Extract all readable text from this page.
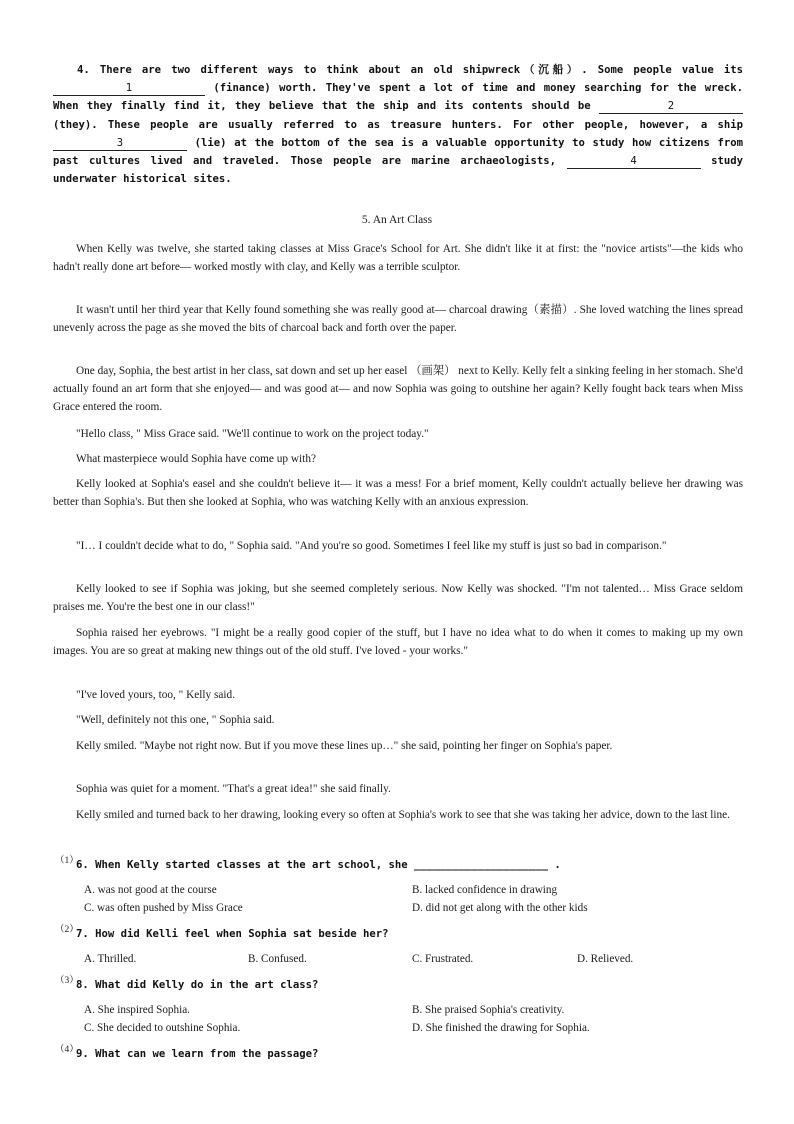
4. There are two different ways to think about an old shipwreck（沉船）. Some people value its 1	(finance) worth. They've spent a lot of time and money searching for the wreck. When they finally find it, they believe that the ship and its contents should be	2 (they). These people are usually referred to as treasure hunters. For other people, however, a ship 3	(lie) at the bottom of the sea is a valuable opportunity to study how citizens from past cultures lived and traveled. Those people are marine archaeologists,	4	study underwater historical sites.
5. An Art Class

When Kelly was twelve, she started taking classes at Miss Grace's School for Art. She didn't like it at first: the "novice artists"—the kids who hadn't really done art before— worked mostly with clay, and Kelly was a terrible sculptor.

It wasn't until her third year that Kelly found something she was really good at— charcoal drawing（素描）. She loved watching the lines spread unevenly across the page as she moved the bits of charcoal back and forth over the paper.

One day, Sophia, the best artist in her class, sat down and set up her easel （画架） next to Kelly. Kelly felt a sinking feeling in her stomach. She'd actually found an art form that she enjoyed— and was good at— and now Sophia was going to outshine her again? Kelly fought back tears when Miss Grace entered the room.

"Hello class, " Miss Grace said. "We'll continue to work on the project today."

What masterpiece would Sophia have come up with?

Kelly looked at Sophia's easel and she couldn't believe it— it was a mess! For a brief moment, Kelly couldn't actually believe her drawing was better than Sophia's. But then she looked at Sophia, who was watching Kelly with an anxious expression.

"I… I couldn't decide what to do, " Sophia said. "And you're so good. Sometimes I feel like my stuff is just so bad in comparison."

Kelly looked to see if Sophia was joking, but she seemed completely serious. Now Kelly was shocked. "I'm not talented… Miss Grace seldom praises me. You're the best one in our class!"

Sophia raised her eyebrows. "I might be a really good copier of the stuff, but I have no idea what to do when it comes to making up my own images. You are so great at making new things out of the old stuff. I've loved - your works."

"I've loved yours, too, " Kelly said.

"Well, definitely not this one, " Sophia said.

Kelly smiled. "Maybe not right now. But if you move these lines up…" she said, pointing her finger on Sophia's paper.

Sophia was quiet for a moment. "That's a great idea!" she said finally.

Kelly smiled and turned back to her drawing, looking every so often at Sophia's work to see that she was taking her advice, down to the last line.

（1）
6. When Kelly started classes at the art school, she _____________________ .
A. was not good at the course	B. lacked confidence in drawing
C. was often pushed by Miss Grace	D. did not get along with the other kids
（2）
7. How did Kelli feel when Sophia sat beside her?
A. Thrilled.	B. Confused.	C. Frustrated.	D. Relieved.
（3）
8. What did Kelly do in the art class?
A. She inspired Sophia.	B. She praised Sophia's creativity.
C. She decided to outshine Sophia.	D. She finished the drawing for Sophia.
（4）
9. What can we learn from the passage?
